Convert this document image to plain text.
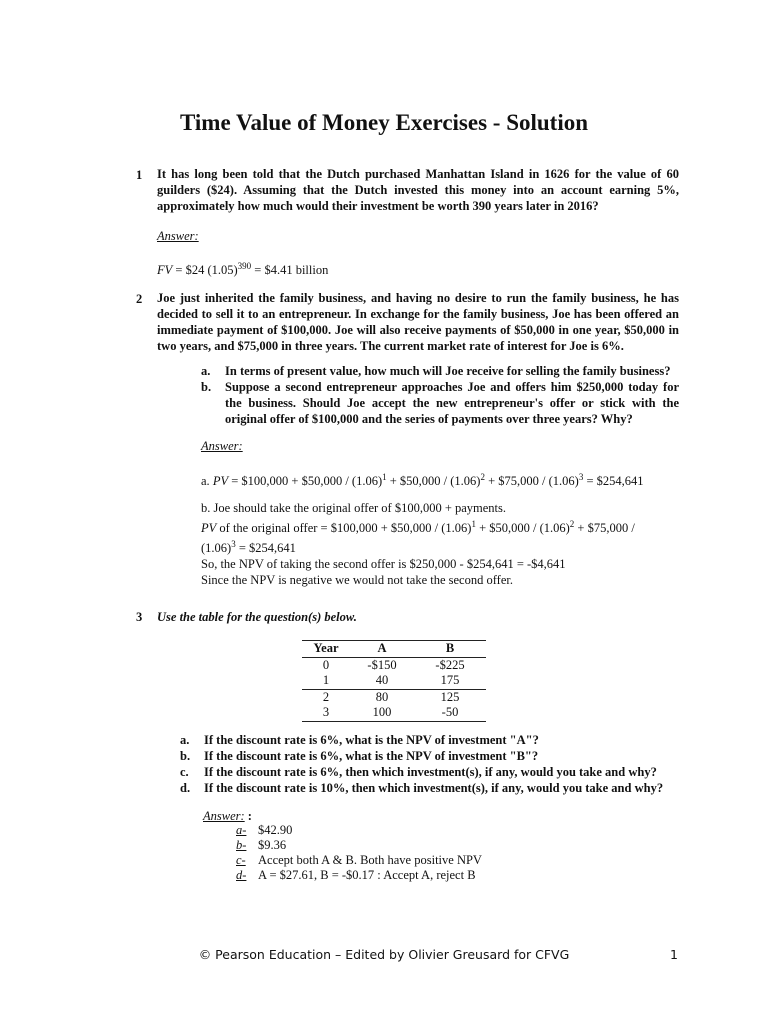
Time Value of Money Exercises - Solution
1 It has long been told that the Dutch purchased Manhattan Island in 1626 for the value of 60 guilders ($24). Assuming that the Dutch invested this money into an account earning 5%, approximately how much would their investment be worth 390 years later in 2016?
Answer:
FV = $24 $(1.05)^{390}$ = $4.41 billion
2 Joe just inherited the family business, and having no desire to run the family business, he has decided to sell it to an entrepreneur. In exchange for the family business, Joe has been offered an immediate payment of $100,000. Joe will also receive payments of $50,000 in one year, $50,000 in two years, and $75,000 in three years. The current market rate of interest for Joe is 6%.
a. In terms of present value, how much will Joe receive for selling the family business?
b.	Suppose a second entrepreneur approaches Joe and offers him $250,000 today for the business. Should Joe accept the new entrepreneur's offer or stick with the original offer of $100,000 and the series of payments over three years? Why?
Answer:
a. PV = $100,000 + $50,000 / $(1.06)^1$ + $50,000 / $(1.06)^2$ + $75,000 / $(1.06)^3$ = $254,641
b. Joe should take the original offer of $100,000 + payments.
PV of the original offer = $100,000 + $50,000 / $(1.06)^1$ + $50,000 / $(1.06)^2$ + $75,000 /
$(1.06)^3$ = $254,641
So, the NPV of taking the second offer is $250,000 - $254,641 = -$4,641
Since the NPV is negative we would not take the second offer.
3 Use the table for the question(s) below.
Year	A	B
0	-$150	-$225
1	40	175
2	80	125
3	100	-50
a. If the discount rate is 6%, what is the NPV of investment "A"?
b. If the discount rate is 6%, what is the NPV of investment "B"?
c. If the discount rate is 6%, then which investment(s), if any, would you take and why?
d. If the discount rate is 10%, then which investment(s), if any, would you take and why?
Answer: :
a- $42.90
b- $9.36
c- Accept both A & B. Both have positive NPV
d- A = $27.61, B = -$0.17 : Accept A, reject B
© Pearson Education – Edited by Olivier Greusard for CFVG	1
